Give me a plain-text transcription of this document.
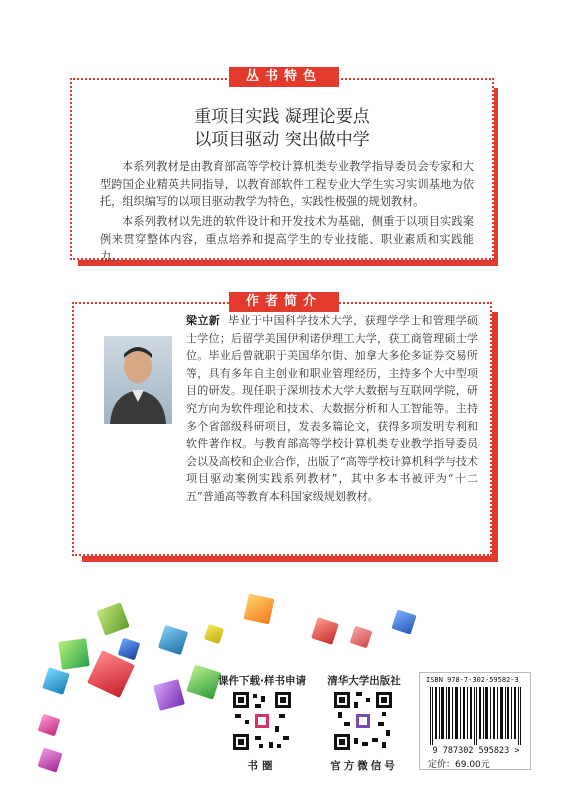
重项目实践 凝理论要点
以项目驱动 突出做中学

本系列教材是由教育部高等学校计算机类专业教学指导委员会专家和大型跨国企业精英共同指导，以教育部软件工程专业大学生实习实训基地为依托，组织编写的以项目驱动教学为特色，实践性极强的规划教材。

本系列教材以先进的软件设计和开发技术为基础，侧重于以项目实践案例来贯穿整体内容，重点培养和提高学生的专业技能、职业素质和实践能力。

丛书特色

梁立新 毕业于中国科学技术大学，获理学学士和管理学硕士学位；后留学美国伊利诺伊理工大学，获工商管理硕士学位。毕业后曾就职于美国华尔街、加拿大多伦多证券交易所等，具有多年自主创业和职业管理经历，主持多个大中型项目的研发。现任职于深圳技术大学大数据与互联网学院，研究方向为软件理论和技术、大数据分析和人工智能等。主持多个省部级科研项目，发表多篇论文，获得多项发明专利和软件著作权。与教育部高等学校计算机类专业教学指导委员会以及高校和企业合作，出版了“高等学校计算机科学与技术项目驱动案例实践系列教材”，其中多本书被评为“十二五”普通高等教育本科国家级规划教材。

作者简介
课件下载·样书申请
书圈
清华大学出版社
官方微信号
ISBN 978-7-302-59582-3
9 787302 595823 >
定价：69.00元
